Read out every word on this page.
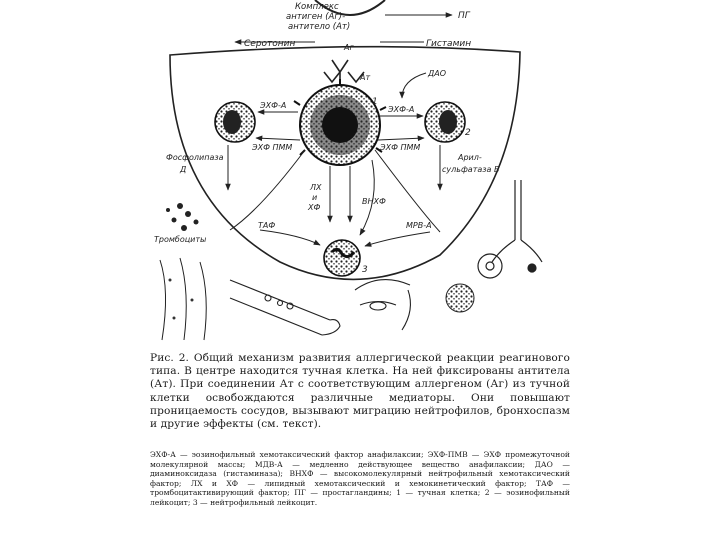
Комплекс
антиген (Аг)-
антитело (Ат)
ПГ
Аг
Ат
Серотонин	Гистамин
1
2
ЭХФ-А
ЭХФ ПММ
ДАО
ЭХФ-А
ЭХФ ПММ
Фосфолипаза
Д
Арил-
сульфатаза В
ЛХ
и
ХФ
ВНХФ
ТАФ	МРВ-А
3
Тромбоциты

Рис. 2. Общий механизм развития аллергической реакции реагинового типа. В центре находится тучная клетка. На ней фиксированы антитела (Ат). При соединении Ат с соответствующим аллергеном (Аг) из тучной клетки освобождаются различные медиаторы. Они повышают проницаемость сосудов, вызывают миграцию нейтрофилов, бронхоспазм и другие эффекты (см. текст).

ЭХФ-А — эозинофильный хемотаксический фактор анафилаксии; ЭХФ-ПМВ — ЭХФ промежуточной молекулярной массы; МДВ-А — медленно действующее вещество анафилаксии; ДАО — диаминоксидаза (гистаминаза); ВНХФ — высокомолекулярный нейтрофильный хемотаксический фактор; ЛХ и ХФ — липидный хемотаксический и хемокинетический фактор; ТАФ — тромбоцитактивирующий фактор; ПГ — простагландины; 1 — тучная клетка; 2 — эозинофильный лейкоцит; 3 — нейтрофильный лейкоцит.
